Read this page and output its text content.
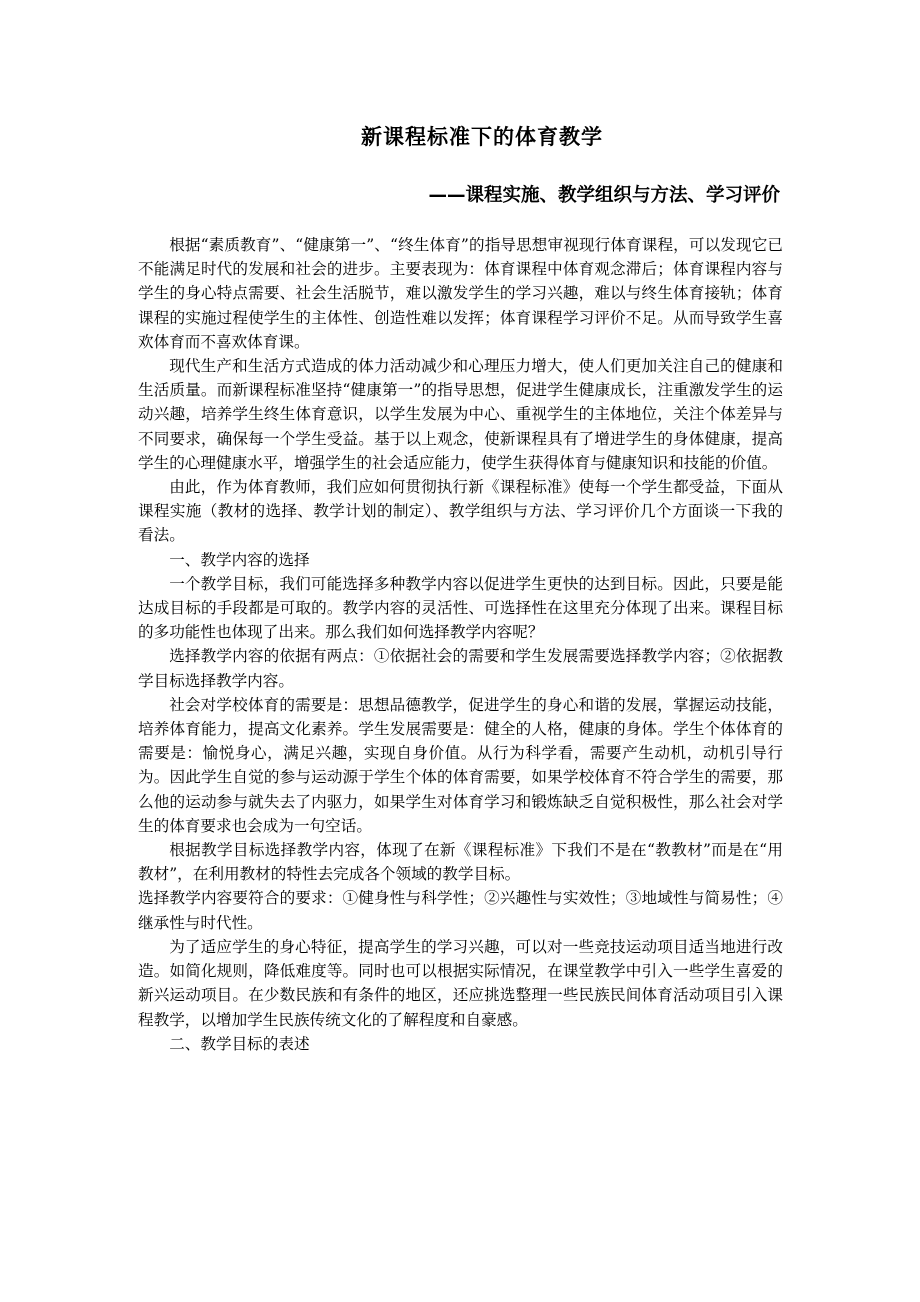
新课程标准下的体育教学
——课程实施、教学组织与方法、学习评价

根据“素质教育”、“健康第一”、“终生体育”的指导思想审视现行体育课程，可以发现它已不能满足时代的发展和社会的进步。主要表现为：体育课程中体育观念滞后；体育课程内容与学生的身心特点需要、社会生活脱节，难以激发学生的学习兴趣，难以与终生体育接轨；体育课程的实施过程使学生的主体性、创造性难以发挥；体育课程学习评价不足。从而导致学生喜欢体育而不喜欢体育课。

现代生产和生活方式造成的体力活动减少和心理压力增大，使人们更加关注自己的健康和生活质量。而新课程标准坚持“健康第一”的指导思想，促进学生健康成长，注重激发学生的运动兴趣，培养学生终生体育意识，以学生发展为中心、重视学生的主体地位，关注个体差异与不同要求，确保每一个学生受益。基于以上观念，使新课程具有了增进学生的身体健康，提高学生的心理健康水平，增强学生的社会适应能力，使学生获得体育与健康知识和技能的价值。

由此，作为体育教师，我们应如何贯彻执行新《课程标准》使每一个学生都受益，下面从课程实施（教材的选择、教学计划的制定）、教学组织与方法、学习评价几个方面谈一下我的看法。

一、教学内容的选择

一个教学目标，我们可能选择多种教学内容以促进学生更快的达到目标。因此，只要是能达成目标的手段都是可取的。教学内容的灵活性、可选择性在这里充分体现了出来。课程目标的多功能性也体现了出来。那么我们如何选择教学内容呢？

选择教学内容的依据有两点：①依据社会的需要和学生发展需要选择教学内容；②依据教学目标选择教学内容。

社会对学校体育的需要是：思想品德教学，促进学生的身心和谐的发展，掌握运动技能，培养体育能力，提高文化素养。学生发展需要是：健全的人格，健康的身体。学生个体体育的需要是：愉悦身心，满足兴趣，实现自身价值。从行为科学看，需要产生动机，动机引导行为。因此学生自觉的参与运动源于学生个体的体育需要，如果学校体育不符合学生的需要，那么他的运动参与就失去了内驱力，如果学生对体育学习和锻炼缺乏自觉积极性，那么社会对学生的体育要求也会成为一句空话。

根据教学目标选择教学内容，体现了在新《课程标准》下我们不是在“教教材”而是在“用教材”，在利用教材的特性去完成各个领域的教学目标。

选择教学内容要符合的要求：①健身性与科学性；②兴趣性与实效性；③地域性与简易性；④继承性与时代性。

为了适应学生的身心特征，提高学生的学习兴趣，可以对一些竞技运动项目适当地进行改造。如简化规则，降低难度等。同时也可以根据实际情况，在课堂教学中引入一些学生喜爱的新兴运动项目。在少数民族和有条件的地区，还应挑选整理一些民族民间体育活动项目引入课程教学，以增加学生民族传统文化的了解程度和自豪感。

二、教学目标的表述
